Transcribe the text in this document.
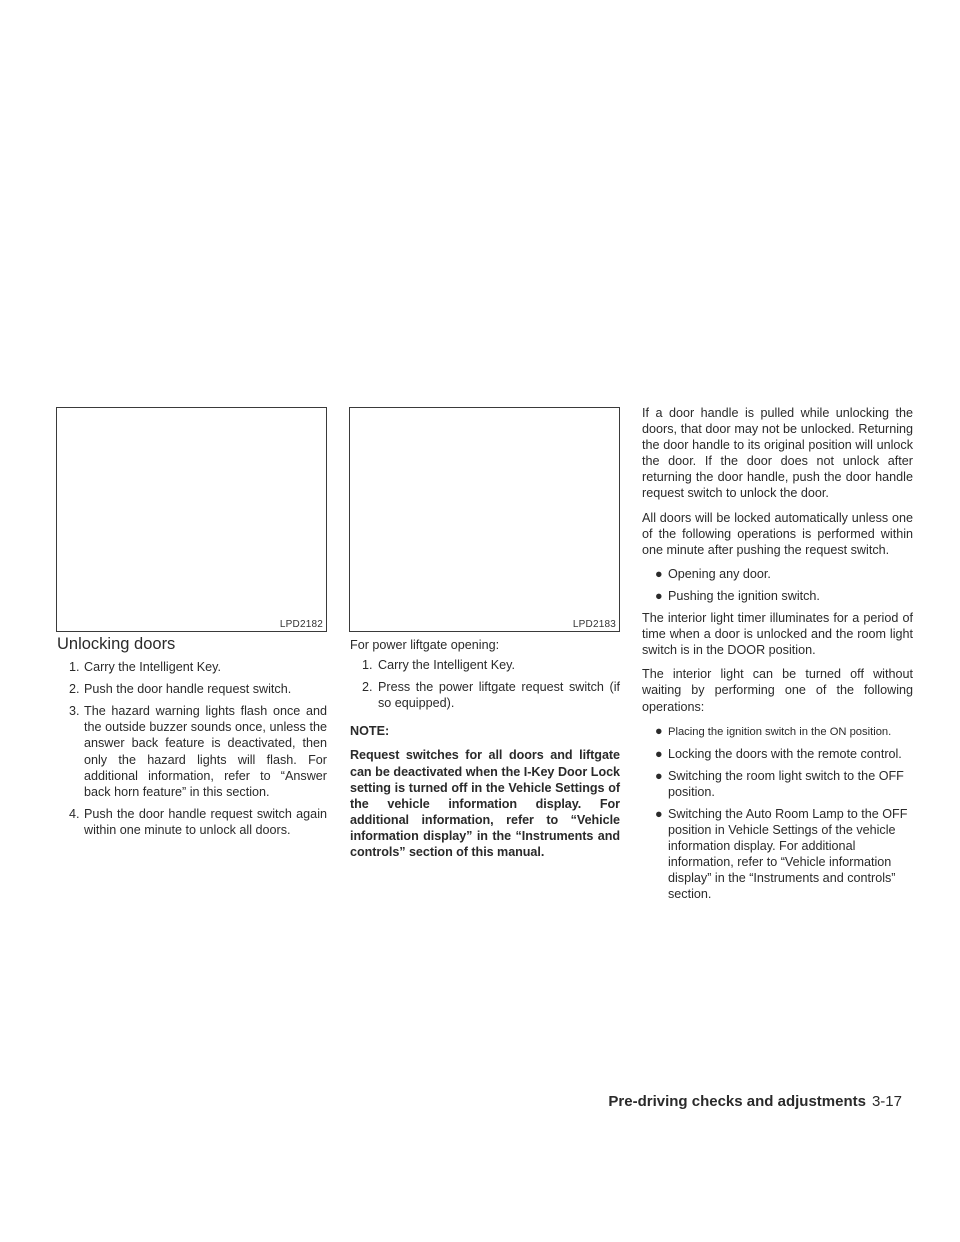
LPD2182	LPD2183
Unlocking doors
1. Carry the Intelligent Key.
2. Push the door handle request switch.
3. The hazard warning lights flash once and the outside buzzer sounds once, unless the answer back feature is deactivated, then only the hazard lights will flash. For additional information, refer to “Answer back horn feature” in this section.
4. Push the door handle request switch again within one minute to unlock all doors.

For power liftgate opening:

1. Carry the Intelligent Key.
2. Press the power liftgate request switch (if so equipped).

NOTE:

Request switches for all doors and liftgate can be deactivated when the I-Key Door Lock setting is turned off in the Vehicle Settings of the vehicle information display. For additional information, refer to “Vehicle information display” in the “Instruments and controls” section of this manual.

If a door handle is pulled while unlocking the doors, that door may not be unlocked. Returning the door handle to its original position will unlock the door. If the door does not unlock after returning the door handle, push the door handle request switch to unlock the door.

All doors will be locked automatically unless one of the following operations is performed within one minute after pushing the request switch.

● Opening any door.
● Pushing the ignition switch.

The interior light timer illuminates for a period of time when a door is unlocked and the room light switch is in the DOOR position.

The interior light can be turned off without waiting by performing one of the following operations:

● Placing the ignition switch in the ON position.
● Locking the doors with the remote control.
● Switching the room light switch to the OFF position.
● Switching the Auto Room Lamp to the OFF position in Vehicle Settings of the vehicle information display. For additional information, refer to “Vehicle information display” in the “Instruments and controls” section.
Pre-driving checks and adjustments 3-17
